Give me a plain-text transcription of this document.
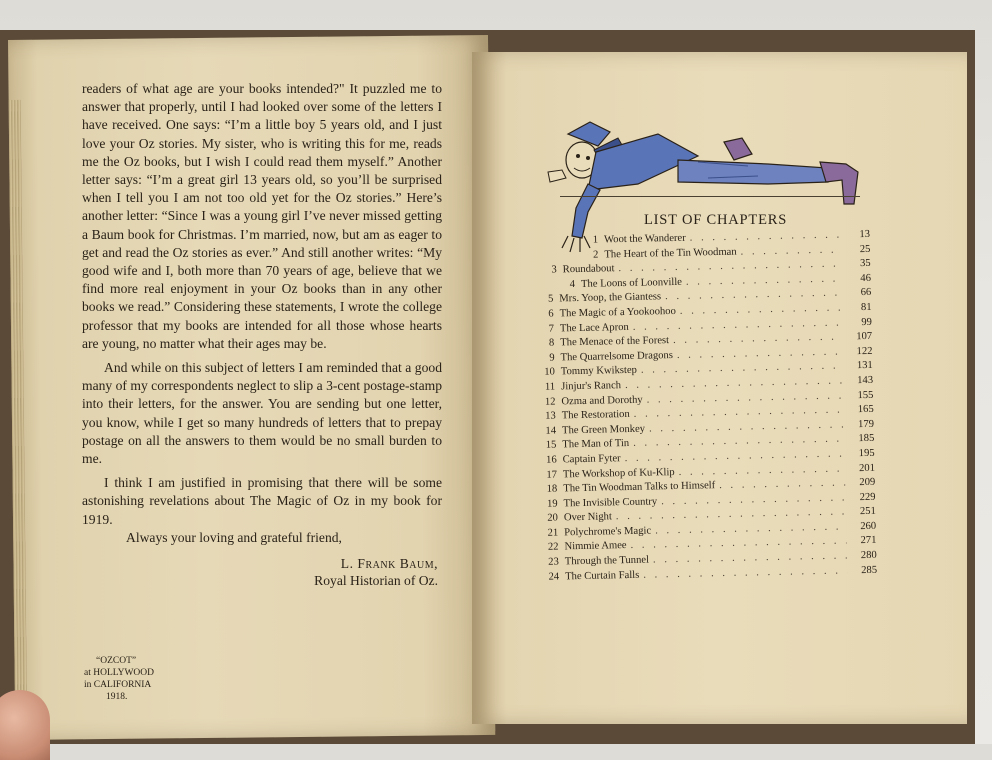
readers of what age are your books intended?" It puzzled me to answer that properly, until I had looked over some of the letters I have received. One says: “I’m a little boy 5 years old, and I just love your Oz stories. My sister, who is writing this for me, reads me the Oz books, but I wish I could read them myself.” Another letter says: “I’m a great girl 13 years old, so you’ll be surprised when I tell you I am not too old yet for the Oz stories.” Here’s another letter: “Since I was a young girl I’ve never missed getting a Baum book for Christmas. I’m married, now, but am as eager to get and read the Oz stories as ever.” And still another writes: “My good wife and I, both more than 70 years of age, believe that we find more real enjoyment in your Oz books than in any other books we read.” Considering these statements, I wrote the college professor that my books are intended for all those whose hearts are young, no matter what their ages may be.

And while on this subject of letters I am reminded that a good many of my correspondents neglect to slip a 3-cent postage-stamp into their letters, for the answer. You are sending but one letter, you know, while I get so many hundreds of letters that to prepay postage on all the answers to them would be no small burden to me.

I think I am justified in promising that there will be some astonishing revelations about The Magic of Oz in my book for 1919.

Always your loving and grateful friend,

L. Frank Baum,
Royal Historian of Oz.
“OZCOT”
at HOLLYWOOD
in CALIFORNIA
1918.
LIST OF CHAPTERS
1 Woot the Wanderer . . .	13
2 The Heart of the Tin Woodman . . .	25
3 Roundabout . . .	35
4 The Loons of Loonville . . .	46
5 Mrs. Yoop, the Giantess . . .	66
6 The Magic of a Yookoohoo . . .	81
7 The Lace Apron . . .	99
8 The Menace of the Forest . . .	107
9 The Quarrelsome Dragons . . .	122
10 Tommy Kwikstep . . .	131
11 Jinjur's Ranch . . .	143
12 Ozma and Dorothy . . .	155
13 The Restoration . . .	165
14 The Green Monkey . . .	179
15 The Man of Tin . . .	185
16 Captain Fyter . . .	195
17 The Workshop of Ku-Klip . . .	201
18 The Tin Woodman Talks to Himself . . .	209
19 The Invisible Country . . .	229
20 Over Night . . .	251
21 Polychrome's Magic . . .	260
22 Nimmie Amee . . .	271
23 Through the Tunnel . . .	280
24 The Curtain Falls . . .	285
